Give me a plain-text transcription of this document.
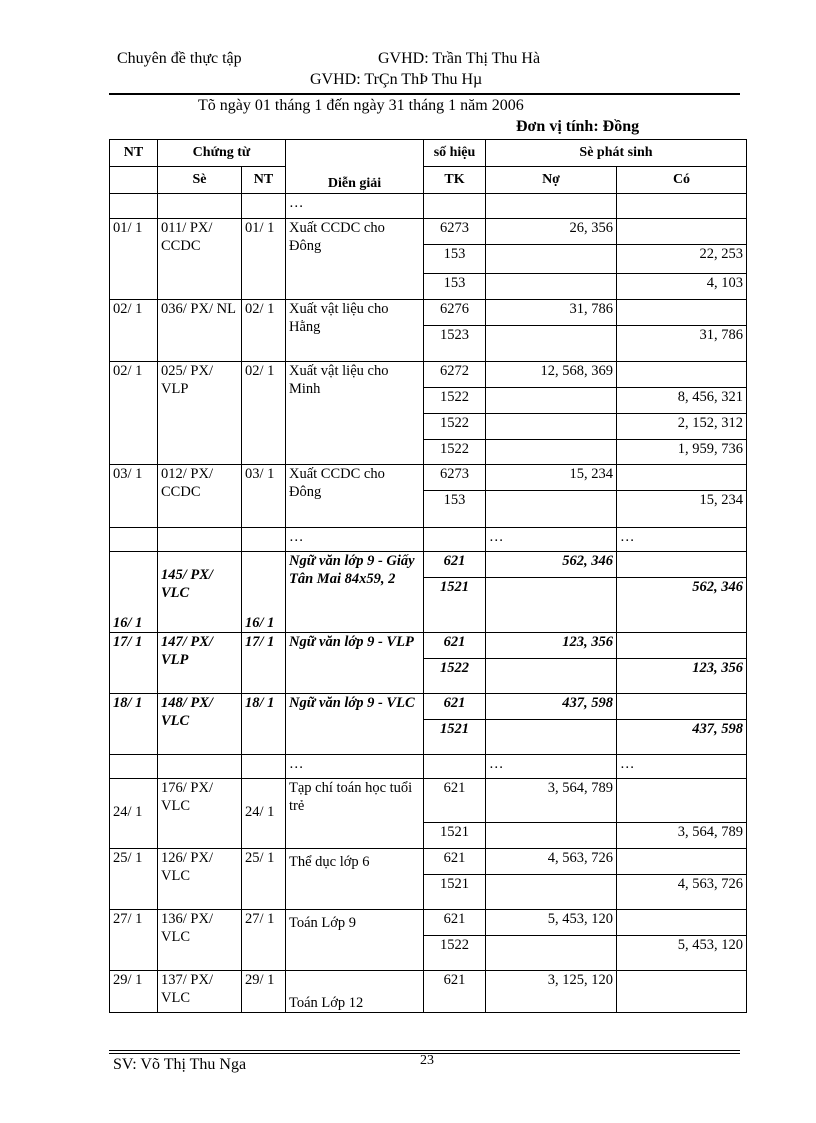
Chuyên đề thực tập	GVHD: Trần Thị Thu Hà
GVHD: TrÇn ThÞ Thu Hµ
Tõ ngày 01 tháng 1 đến ngày 31 tháng 1 năm 2006
Đơn vị tính: Đồng
NT	Chứng từ		Diễn giải	số hiệu	Sè phát sinh	
	Sè	NT		TK	Nợ	Có
			…			
01/ 1	011/ PX/ CCDC	01/ 1	Xuất CCDC cho Đông	6273	26, 356	
				153		22, 253
				153		4, 103
02/ 1	036/ PX/ NL	02/ 1	Xuất vật liệu cho Hằng	6276	31, 786	
				1523		31, 786
02/ 1	025/ PX/ VLP	02/ 1	Xuất vật liệu cho Minh	6272	12, 568, 369	
				1522		8, 456, 321
				1522		2, 152, 312
				1522		1, 959, 736
03/ 1	012/ PX/ CCDC	03/ 1	Xuất CCDC cho Đông	6273	15, 234	
				153		15, 234
			…		…	…
16/ 1	145/ PX/ VLC	16/ 1	Ngữ văn lớp 9 - Giấy Tân Mai 84x59, 2	621	562, 346	
				1521		562, 346
17/ 1	147/ PX/ VLP	17/ 1	Ngữ văn lớp 9 - VLP	621	123, 356	
				1522		123, 356
18/ 1	148/ PX/ VLC	18/ 1	Ngữ văn lớp 9 - VLC	621	437, 598	
				1521		437, 598
			…		…	…
24/ 1	176/ PX/ VLC	24/ 1	Tạp chí toán học tuổi trẻ	621	3, 564, 789	
				1521		3, 564, 789
25/ 1	126/ PX/ VLC	25/ 1	Thể dục lớp 6	621	4, 563, 726	
				1521		4, 563, 726
27/ 1	136/ PX/ VLC	27/ 1	Toán Lớp 9	621	5, 453, 120	
				1522		5, 453, 120
29/ 1	137/ PX/ VLC	29/ 1	Toán Lớp 12	621	3, 125, 120	
SV: Võ Thị Thu Nga	23
